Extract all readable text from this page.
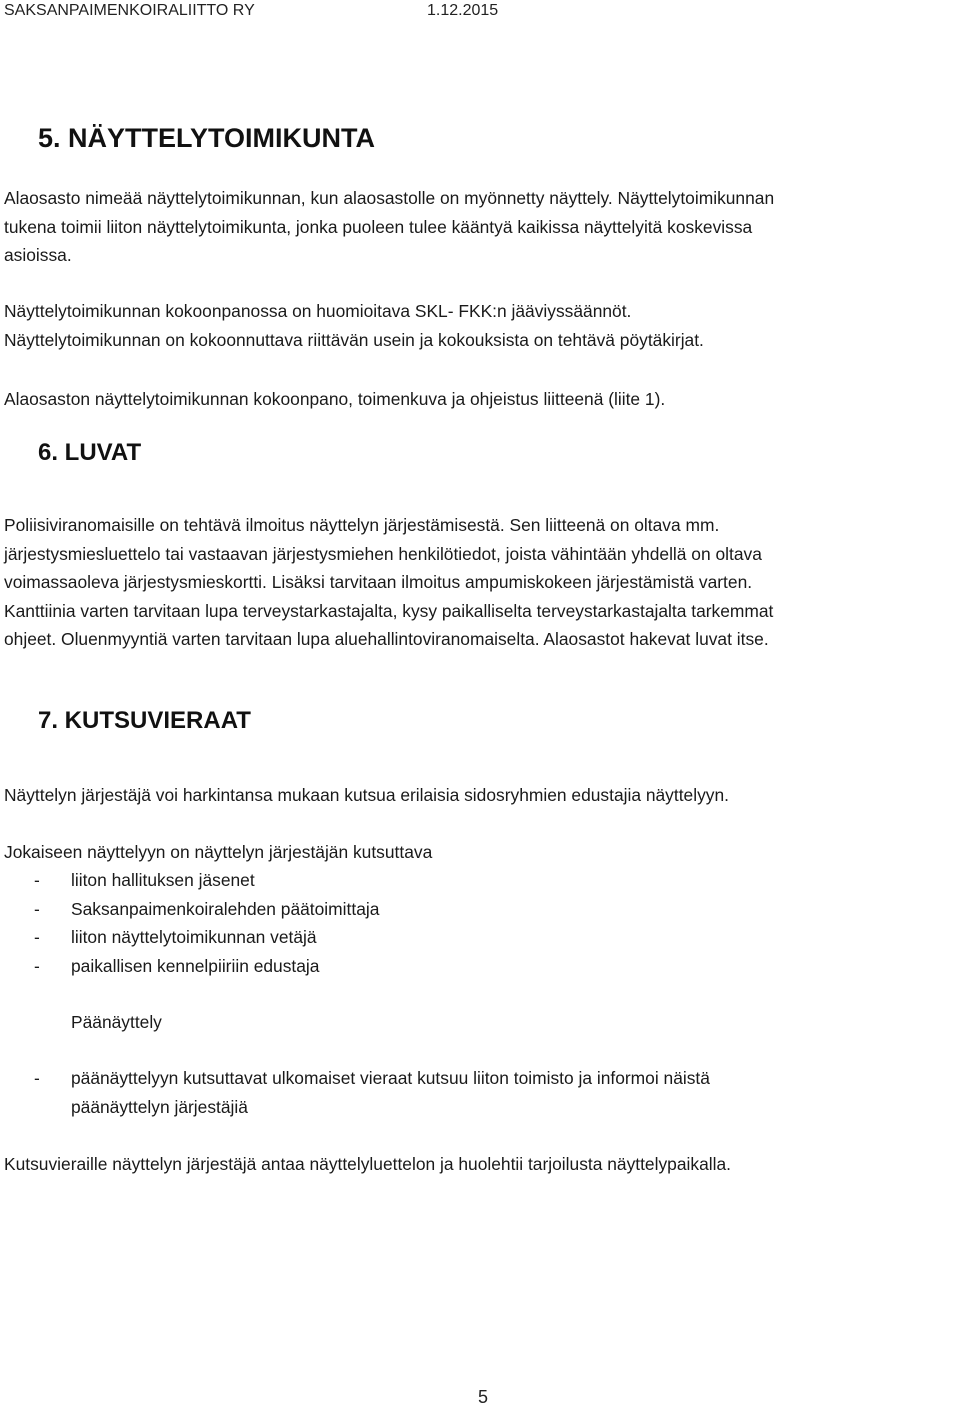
SAKSANPAIMENKOIRALIITTO RY	1.12.2015
5. NÄYTTELYTOIMIKUNTA
Alaosasto nimeää näyttelytoimikunnan, kun alaosastolle on myönnetty näyttely. Näyttelytoimikunnan
tukena toimii liiton näyttelytoimikunta, jonka puoleen tulee kääntyä kaikissa näyttelyitä koskevissa
asioissa.
Näyttelytoimikunnan kokoonpanossa on huomioitava SKL- FKK:n jääviyssäännöt.
Näyttelytoimikunnan on kokoonnuttava riittävän usein ja kokouksista on tehtävä pöytäkirjat.
Alaosaston näyttelytoimikunnan kokoonpano, toimenkuva ja ohjeistus liitteenä (liite 1).
6. LUVAT
Poliisiviranomaisille on tehtävä ilmoitus näyttelyn järjestämisestä. Sen liitteenä on oltava mm.
järjestysmiesluettelo tai vastaavan järjestysmiehen henkilötiedot, joista vähintään yhdellä on oltava
voimassaoleva järjestysmieskortti. Lisäksi tarvitaan ilmoitus ampumiskokeen järjestämistä varten.
Kanttiinia varten tarvitaan lupa terveystarkastajalta, kysy paikalliselta terveystarkastajalta tarkemmat
ohjeet. Oluenmyyntiä varten tarvitaan lupa aluehallintoviranomaiselta. Alaosastot hakevat luvat itse.
7. KUTSUVIERAAT
Näyttelyn järjestäjä voi harkintansa mukaan kutsua erilaisia sidosryhmien edustajia näyttelyyn.
Jokaiseen näyttelyyn on näyttelyn järjestäjän kutsuttava
- liiton hallituksen jäsenet
- Saksanpaimenkoiralehden päätoimittaja
- liiton näyttelytoimikunnan vetäjä
- paikallisen kennelpiiriin edustaja
Päänäyttely
- päänäyttelyyn kutsuttavat ulkomaiset vieraat kutsuu liiton toimisto ja informoi näistä
päänäyttelyn järjestäjiä
Kutsuvieraille näyttelyn järjestäjä antaa näyttelyluettelon ja huolehtii tarjoilusta näyttelypaikalla.
5
